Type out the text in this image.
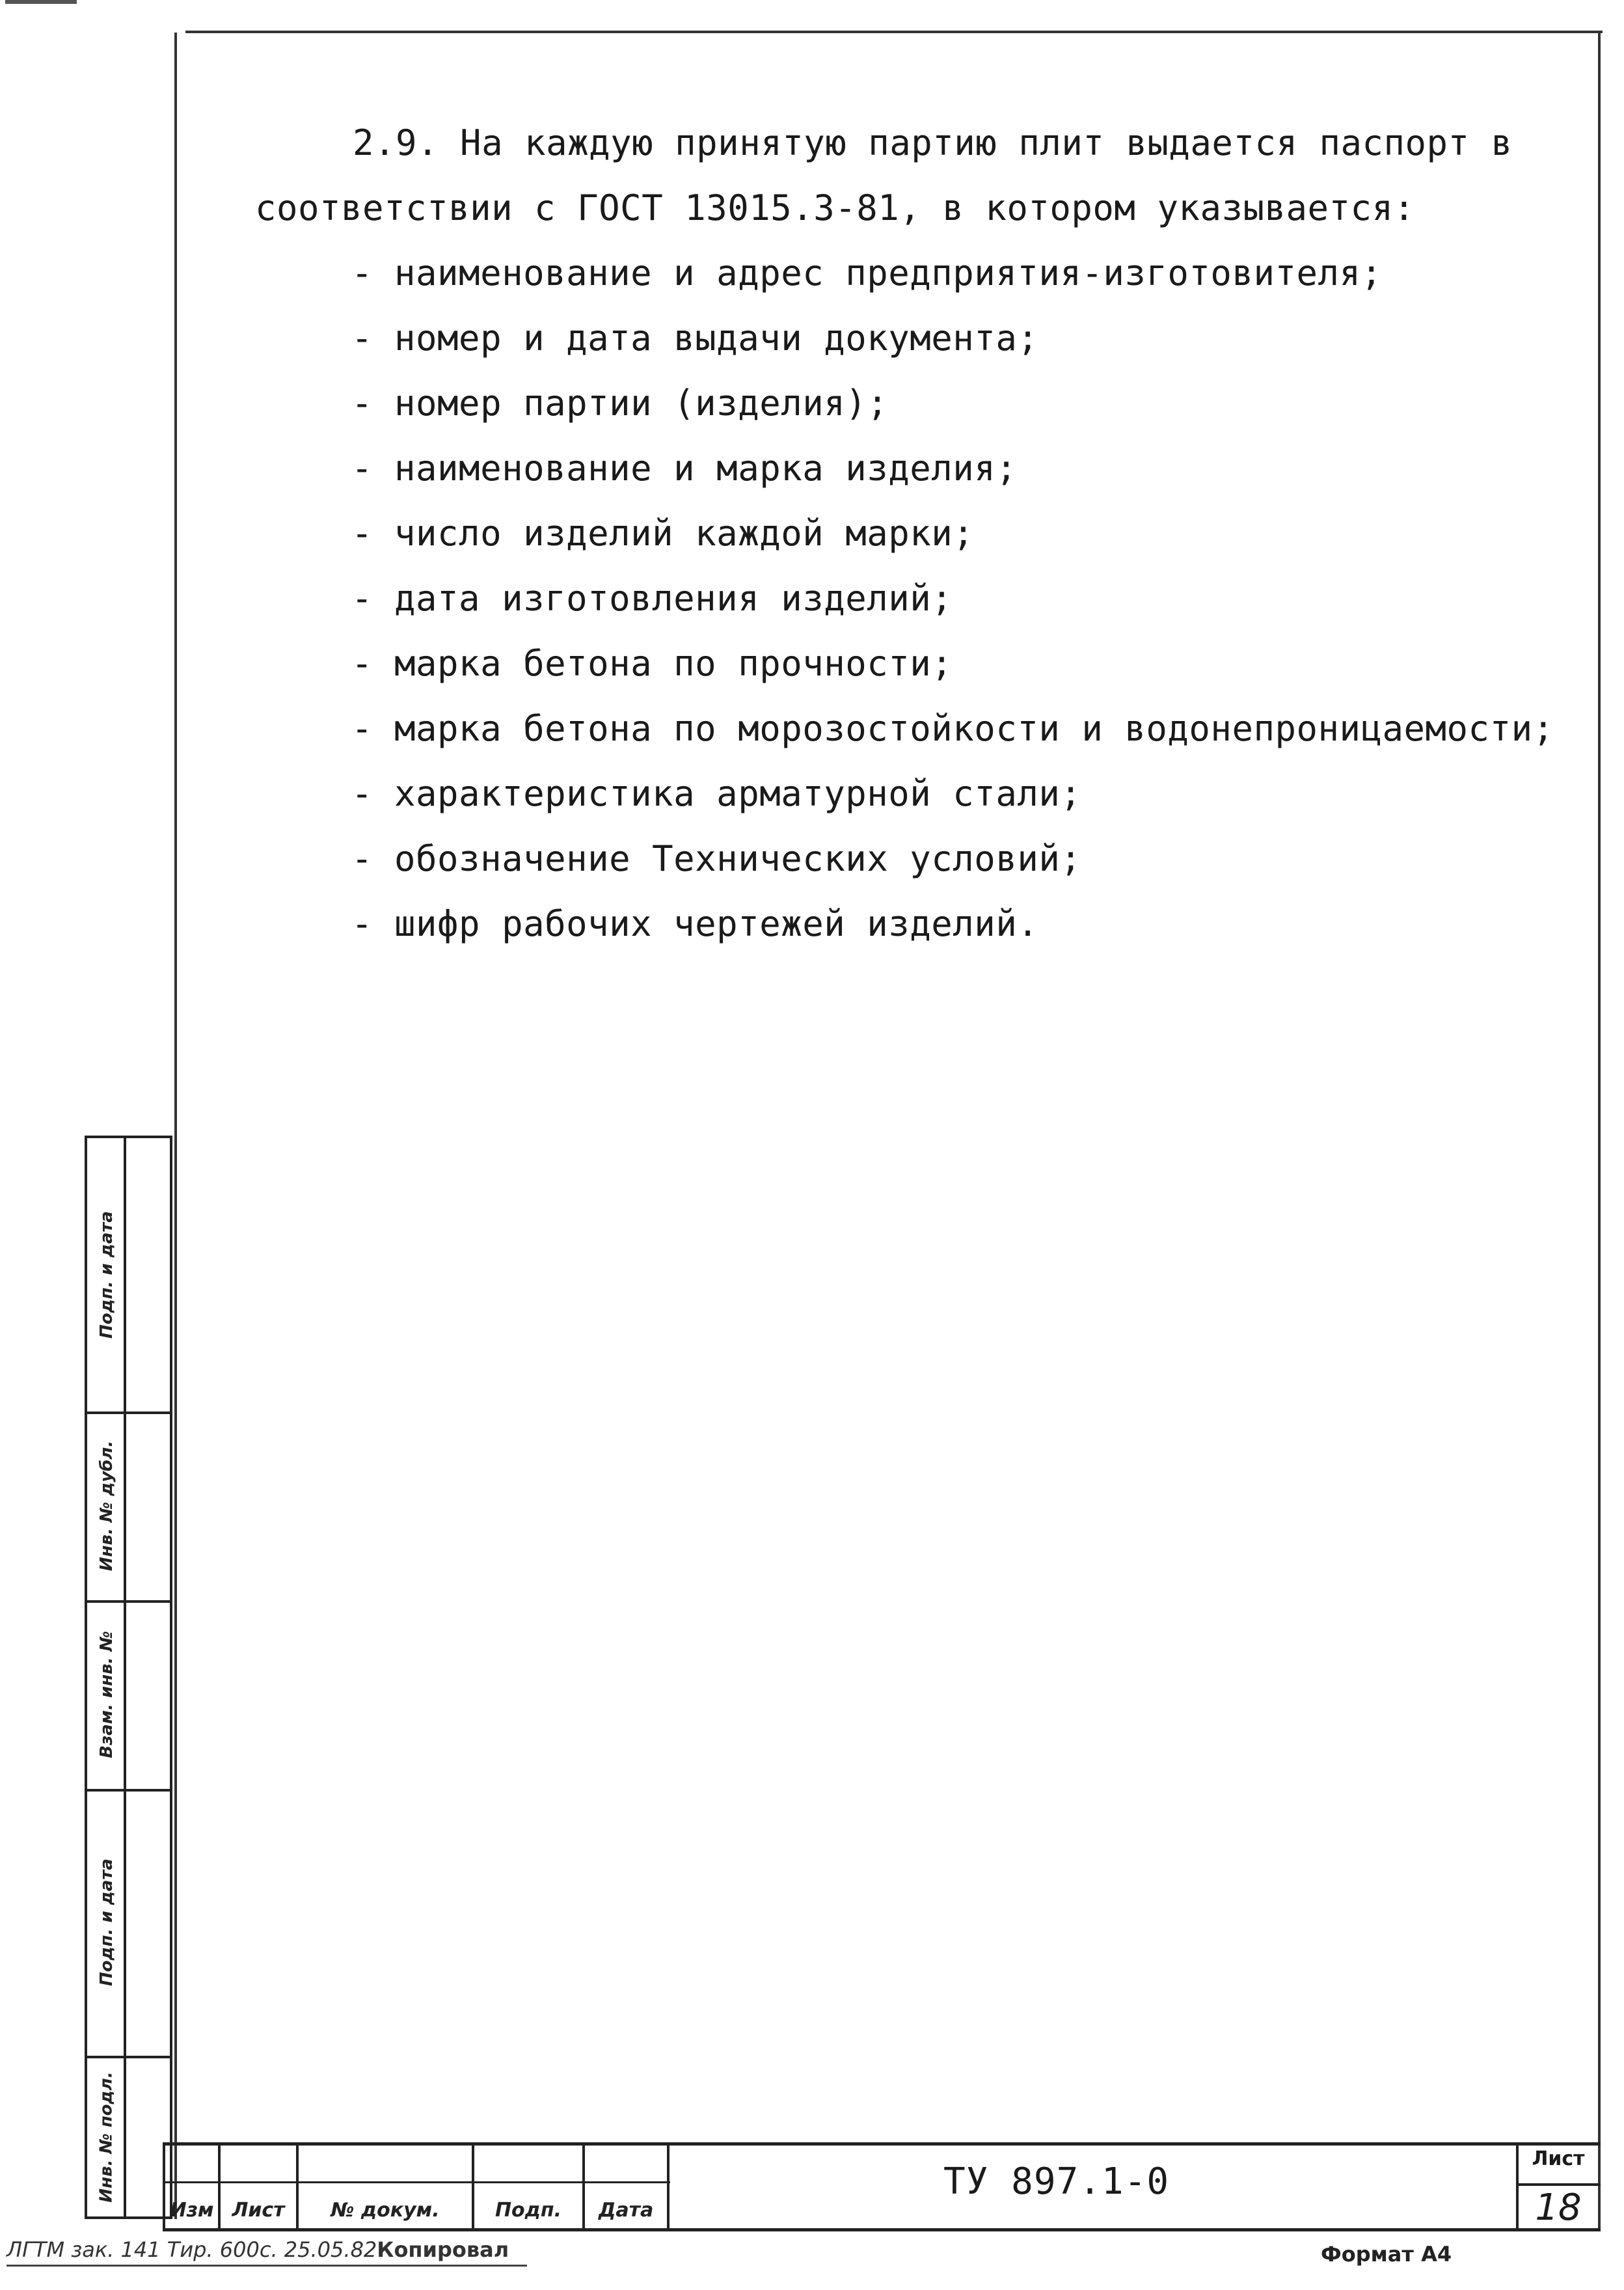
2.9. На каждую принятую партию плит выдается паспорт в
соответствии с ГОСТ 13015.3-81, в котором указывается:
- наименование и адрес предприятия-изготовителя;
- номер и дата выдачи документа;
- номер партии (изделия);
- наименование и марка изделия;
- число изделий каждой марки;
- дата изготовления изделий;
- марка бетона по прочности;
- марка бетона по морозостойкости и водонепроницаемости;
- характеристика арматурной стали;
- обозначение Технических условий;
- шифр рабочих чертежей изделий.
Подп. и дата
Инв. № дубл.
Взам. инв. №
Подп. и дата
Инв. № подл.
Изм Лист	№ докум.	Подп.	Дата
ТУ 897.1-0
Лист
18
ЛГТМ зак. 141 Тир. 600с. 25.05.82Копировал	Формат А4
